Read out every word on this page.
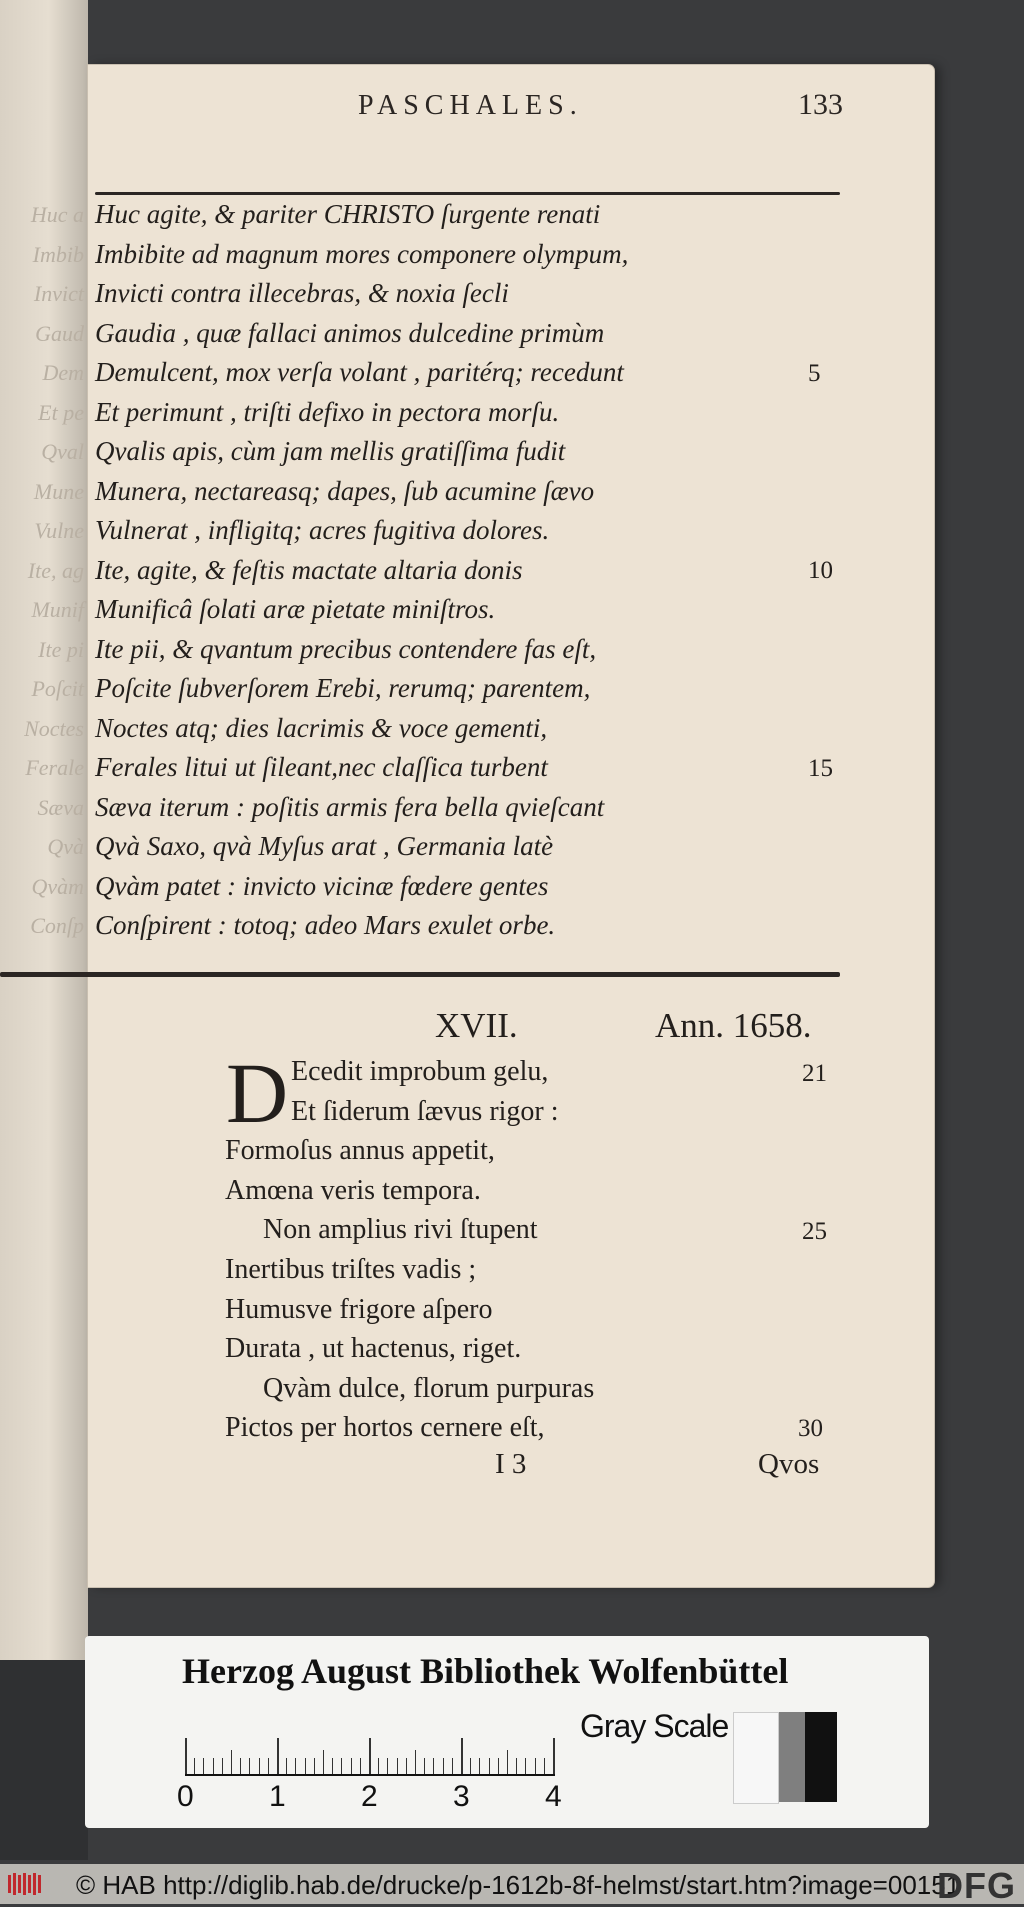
Huc a
Imbib
Invict
Gaud
Dem
Et pe
Qval
Mune
Vulne
Ite, ag
Munif
Ite pi
Poſcit
Noctes
Ferale
Sæva
Qvà
Qvàm
Conſp
PASCHALES.	133
Huc agite, & pariter CHRISTO ſurgente renati
Imbibite ad magnum mores componere olympum,
Invicti contra illecebras, & noxia ſecli
Gaudia , quæ fallaci animos dulcedine primùm
Demulcent, mox verſa volant , paritérq; recedunt
Et perimunt , triſti defixo in pectora morſu.
Qvalis apis, cùm jam mellis gratiſſima fudit
Munera, nectareasq; dapes, ſub acumine ſævo
Vulnerat , infligitq; acres fugitiva dolores.
Ite, agite, & feſtis mactate altaria donis
Munificâ ſolati aræ pietate miniſtros.
Ite pii, & qvantum precibus contendere fas eſt,
Poſcite ſubverſorem Erebi, rerumq; parentem,
Noctes atq; dies lacrimis & voce gementi,
Ferales litui ut ſileant,nec claſſica turbent
Sæva iterum : poſitis armis fera bella qvieſcant
Qvà Saxo, qvà Myſus arat , Germania latè
Qvàm patet : invicto vicinæ fœdere gentes
Conſpirent : totoq; adeo Mars exulet orbe.
5
10
15
XVII.	Ann. 1658.
D Ecedit improbum gelu,
Et ſiderum ſævus rigor :
Formoſus annus appetit,
Amœna veris tempora.
Non amplius rivi ſtupent
Inertibus triſtes vadis ;
Humusve frigore aſpero
Durata , ut hactenus, riget.
Qvàm dulce, florum purpuras
Pictos per hortos cernere eſt,
21
25
30
I 3	Qvos
Herzog August Bibliothek Wolfenbüttel
0	1	2	3	4
Gray Scale
© HAB http://diglib.hab.de/drucke/p-1612b-8f-helmst/start.htm?image=00151
DFG
